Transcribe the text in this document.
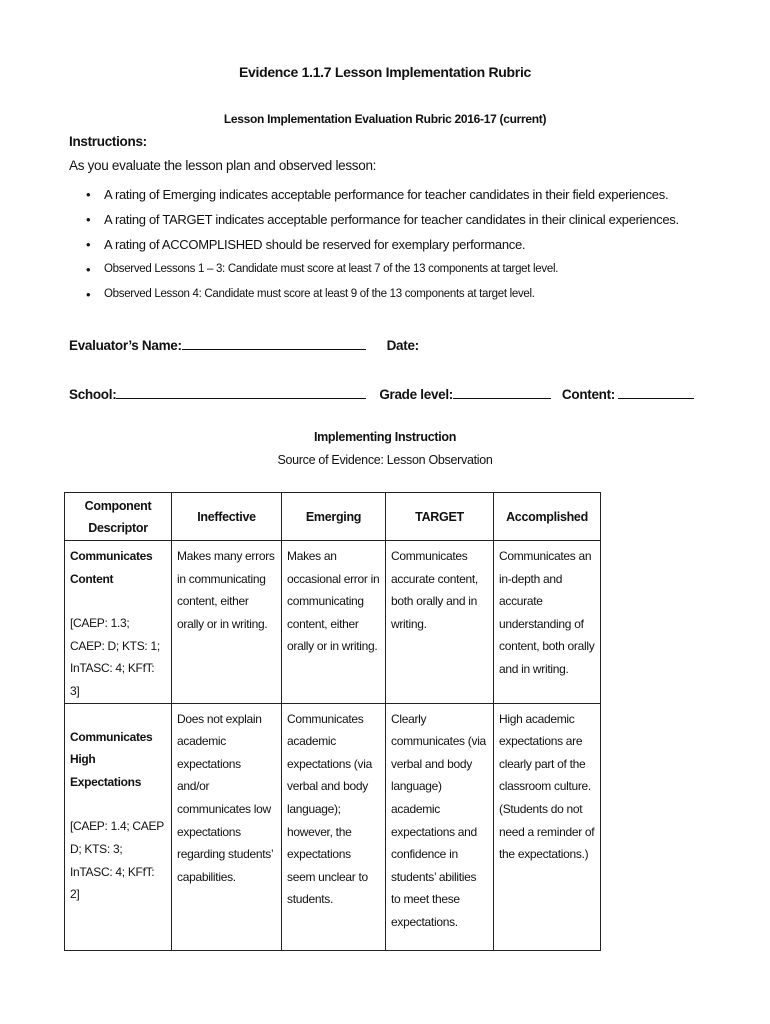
Evidence 1.1.7 Lesson Implementation Rubric
Lesson Implementation Evaluation Rubric 2016-17 (current)
Instructions:
As you evaluate the lesson plan and observed lesson:
• A rating of Emerging indicates acceptable performance for teacher candidates in their field experiences.
• A rating of TARGET indicates acceptable performance for teacher candidates in their clinical experiences.
• A rating of ACCOMPLISHED should be reserved for exemplary performance.
• Observed Lessons 1 – 3: Candidate must score at least 7 of the 13 components at target level.
• Observed Lesson 4: Candidate must score at least 9 of the 13 components at target level.
Evaluator’s Name:	Date:
School:	Grade level:	Content:
Implementing Instruction
Source of Evidence: Lesson Observation
Component Descriptor	Ineffective	Emerging	TARGET	Accomplished

Communicates Content
[CAEP: 1.3; CAEP: D; KTS: 1; InTASC: 4; KFfT: 3]	Makes many errors in communicating content, either orally or in writing.	Makes an occasional error in communicating content, either orally or in writing.	Communicates accurate content, both orally and in writing.	Communicates an in-depth and accurate understanding of content, both orally and in writing.

Communicates High Expectations
[CAEP: 1.4; CAEP D; KTS: 3; InTASC: 4; KFfT: 2]	Does not explain academic expectations and/or communicates low expectations regarding students’ capabilities.	Communicates academic expectations (via verbal and body language); however, the expectations seem unclear to students.	Clearly communicates (via verbal and body language) academic expectations and confidence in students’ abilities to meet these expectations.	High academic expectations are clearly part of the classroom culture. (Students do not need a reminder of the expectations.)
